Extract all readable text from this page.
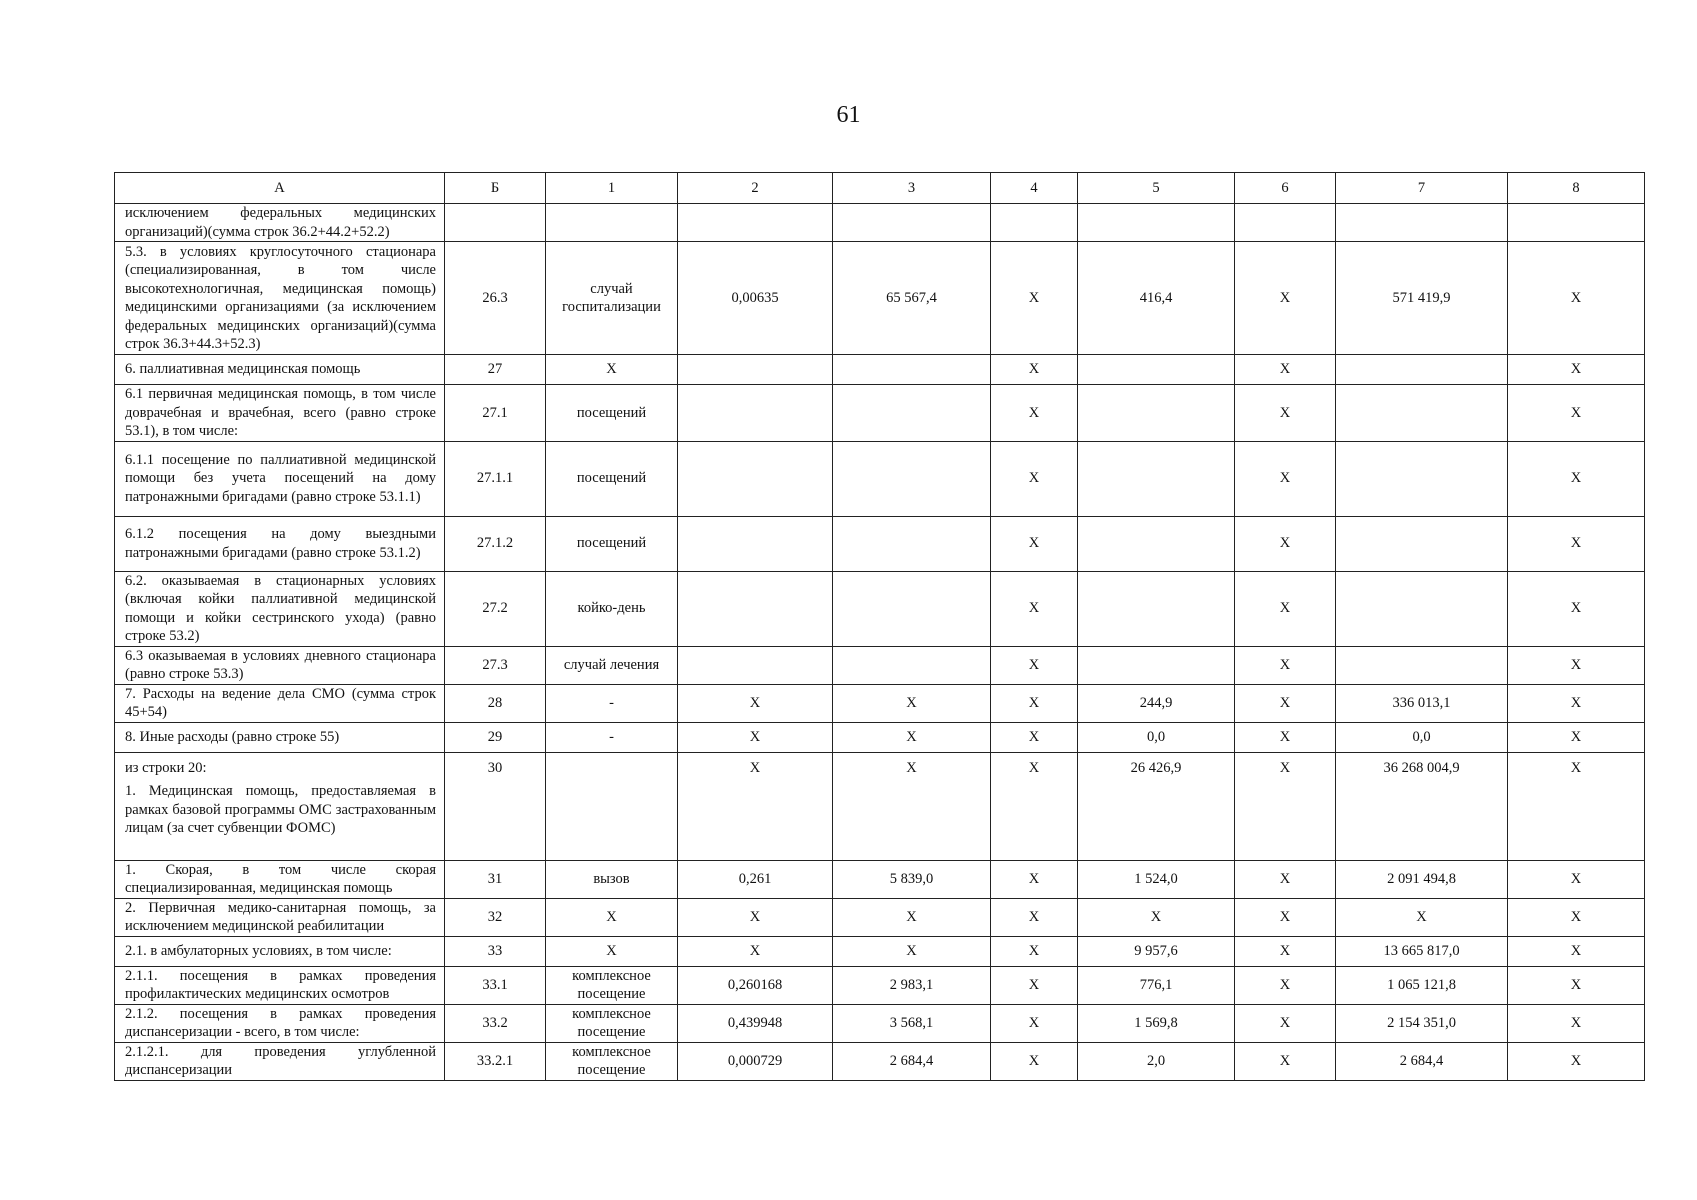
61
А	Б	1	2	3	4	5	6	7	8

исключением федеральных медицинских организаций)(сумма строк 36.2+44.2+52.2)									

5.3. в условиях круглосуточного стационара (специализированная, в том числе высокотехнологичная, медицинская помощь) медицинскими организациями (за исключением федеральных медицинских организаций)(сумма строк 36.3+44.3+52.3)	26.3	случай госпитализации	0,00635	65 567,4	X	416,4	X	571 419,9	X

6. паллиативная медицинская помощь	27	X			X		X		X

6.1 первичная медицинская помощь, в том числе доврачебная и врачебная, всего (равно строке 53.1), в том числе:	27.1	посещений			X		X		X

6.1.1 посещение по паллиативной медицинской помощи без учета посещений на дому патронажными бригадами (равно строке 53.1.1)	27.1.1	посещений			X		X		X

6.1.2 посещения на дому выездными патронажными бригадами (равно строке 53.1.2)	27.1.2	посещений			X		X		X

6.2. оказываемая в стационарных условиях (включая койки паллиативной медицинской помощи и койки сестринского ухода) (равно строке 53.2)	27.2	койко-день			X		X		X

6.3 оказываемая в условиях дневного стационара (равно строке 53.3)	27.3	случай лечения			X		X		X

7. Расходы на ведение дела СМО (сумма строк 45+54)	28	-	X	X	X	244,9	X	336 013,1	X

8. Иные расходы (равно строке 55)	29	-	X	X	X	0,0	X	0,0	X

из строки 20:
1. Медицинская помощь, предоставляемая в рамках базовой программы ОМС застрахованным лицам (за счет субвенции ФОМС)	30		X	X	X	26 426,9	X	36 268 004,9	X

1. Скорая, в том числе скорая специализированная, медицинская помощь	31	вызов	0,261	5 839,0	X	1 524,0	X	2 091 494,8	X

2. Первичная медико-санитарная помощь, за исключением медицинской реабилитации	32	X	X	X	X	X	X	X	X

2.1. в амбулаторных условиях, в том числе:	33	X	X	X	X	9 957,6	X	13 665 817,0	X

2.1.1. посещения в рамках проведения профилактических медицинских осмотров	33.1	комплексное посещение	0,260168	2 983,1	X	776,1	X	1 065 121,8	X

2.1.2. посещения в рамках проведения диспансеризации - всего, в том числе:	33.2	комплексное посещение	0,439948	3 568,1	X	1 569,8	X	2 154 351,0	X

2.1.2.1. для проведения углубленной диспансеризации	33.2.1	комплексное посещение	0,000729	2 684,4	X	2,0	X	2 684,4	X
